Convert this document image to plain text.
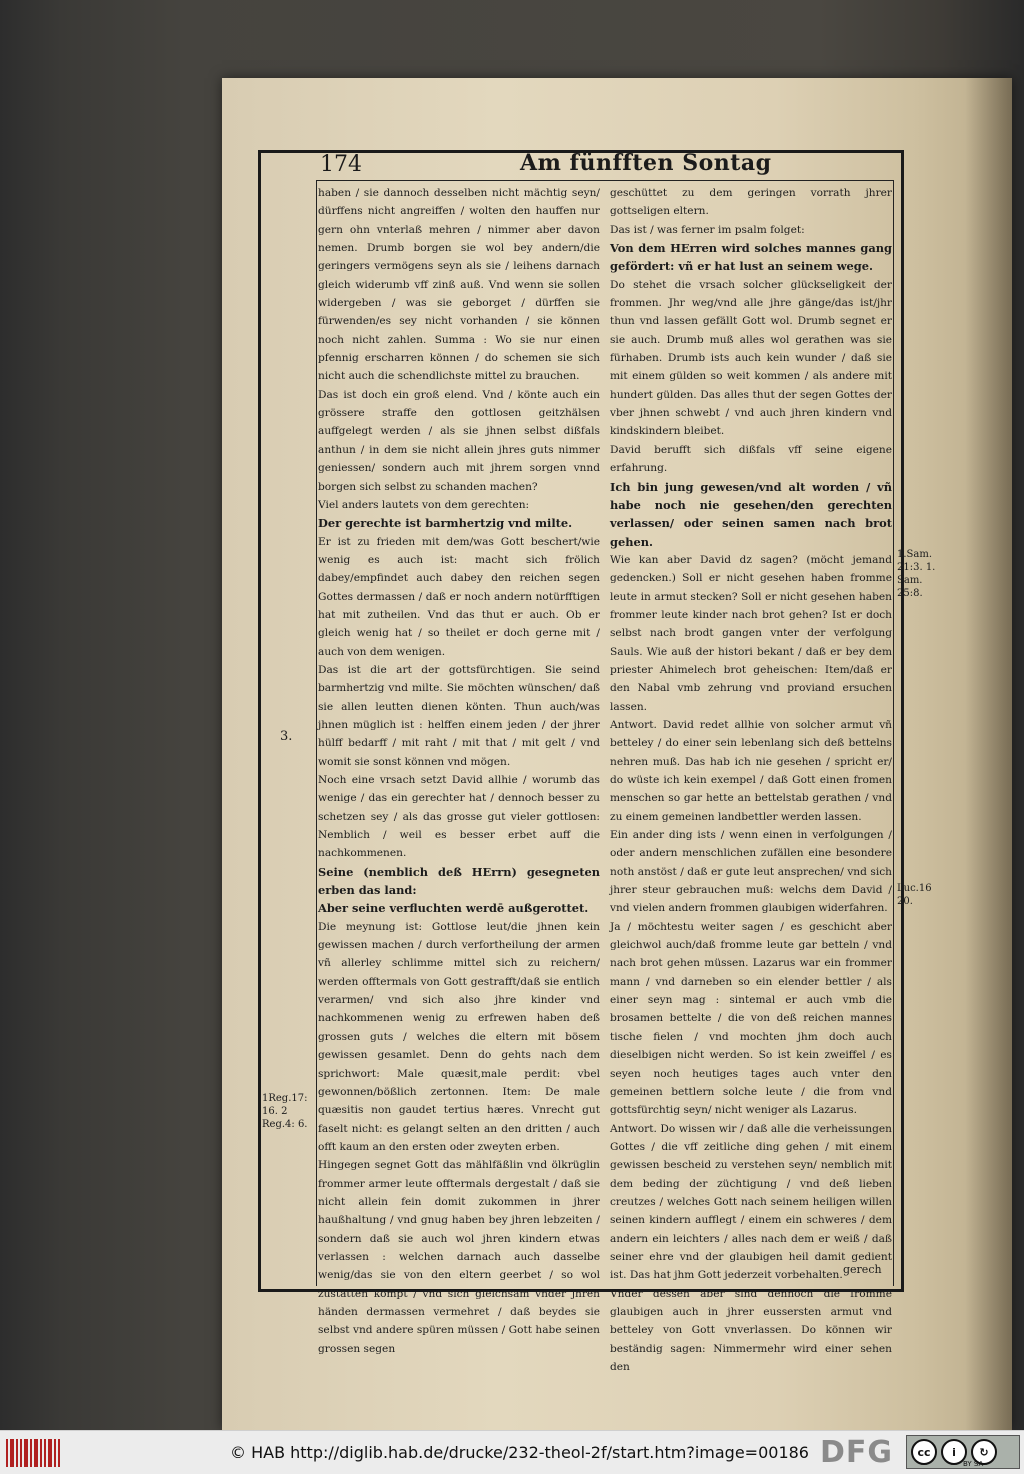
174	Am fünfften Sontag

haben / sie dannoch desselben nicht mächtig seyn/ dürffens nicht angreiffen / wolten den hauffen nur gern ohn vnterlaß mehren / nimmer aber davon nemen. Drumb borgen sie wol bey andern/die geringers vermögens seyn als sie / leihens darnach gleich widerumb vff zinß auß. Vnd wenn sie sollen widergeben / was sie geborget / dürffen sie fürwenden/es sey nicht vorhanden / sie können noch nicht zahlen. Summa : Wo sie nur einen pfennig erscharren können / do schemen sie sich nicht auch die schendlichste mittel zu brauchen.

Das ist doch ein groß elend. Vnd / könte auch ein grössere straffe den gottlosen geitzhälsen auffgelegt werden / als sie jhnen selbst dißfals anthun / in dem sie nicht allein jhres guts nimmer geniessen/ sondern auch mit jhrem sorgen vnnd borgen sich selbst zu schanden machen?

Viel anders lautets von dem gerechten:

Der gerechte ist barmhertzig vnd milte.

Er ist zu frieden mit dem/was Gott beschert/wie wenig es auch ist: macht sich frölich dabey/empfindet auch dabey den reichen segen Gottes dermassen / daß er noch andern notürfftigen hat mit zutheilen. Vnd das thut er auch. Ob er gleich wenig hat / so theilet er doch gerne mit / auch von dem wenigen.

Das ist die art der gottsfürchtigen. Sie seind barmhertzig vnd milte. Sie möchten wünschen/ daß sie allen leutten dienen könten. Thun auch/was jhnen müglich ist : helffen einem jeden / der jhrer hülff bedarff / mit raht / mit that / mit gelt / vnd womit sie sonst können vnd mögen.

Noch eine vrsach setzt David allhie / worumb das wenige / das ein gerechter hat / dennoch besser zu schetzen sey / als das grosse gut vieler gottlosen: Nemblich / weil es besser erbet auff die nachkommenen.

Seine (nemblich deß HErrn) gesegneten erben das land:

Aber seine verfluchten werdē außgerottet.

Die meynung ist: Gottlose leut/die jhnen kein gewissen machen / durch verfortheilung der armen vñ allerley schlimme mittel sich zu reichern/ werden offtermals von Gott gestrafft/daß sie entlich verarmen/ vnd sich also jhre kinder vnd nachkommenen wenig zu erfrewen haben deß grossen guts / welches die eltern mit bösem gewissen gesamlet. Denn do gehts nach dem sprichwort: Male quæsit,male perdit: vbel gewonnen/bößlich zertonnen. Item: De male quæsitis non gaudet tertius hæres. Vnrecht gut faselt nicht: es gelangt selten an den dritten / auch offt kaum an den ersten oder zweyten erben.

Hingegen segnet Gott das mählfäßlin vnd ölkrüglin frommer armer leute offtermals dergestalt / daß sie nicht allein fein domit zukommen in jhrer haußhaltung / vnd gnug haben bey jhren lebzeiten / sondern daß sie auch wol jhren kindern etwas verlassen : welchen darnach auch dasselbe wenig/das sie von den eltern geerbet / so wol zustatten kompt / vnd sich gleichsam vnder jhren händen dermassen vermehret / daß beydes sie selbst vnd andere spüren müssen / Gott habe seinen grossen segen

geschüttet zu dem geringen vorrath jhrer gottseligen eltern.

Das ist / was ferner im psalm folget:

Von dem HErren wird solches mannes gang gefördert: vñ er hat lust an seinem wege.

Do stehet die vrsach solcher glückseligkeit der frommen. Jhr weg/vnd alle jhre gänge/das ist/jhr thun vnd lassen gefällt Gott wol. Drumb segnet er sie auch. Drumb muß alles wol gerathen was sie fürhaben. Drumb ists auch kein wunder / daß sie mit einem gülden so weit kommen / als andere mit hundert gülden. Das alles thut der segen Gottes der vber jhnen schwebt / vnd auch jhren kindern vnd kindskindern bleibet.

David berufft sich dißfals vff seine eigene erfahrung.

Ich bin jung gewesen/vnd alt worden / vñ habe noch nie gesehen/den gerechten verlassen/ oder seinen samen nach brot gehen.

Wie kan aber David dz sagen? (möcht jemand gedencken.) Soll er nicht gesehen haben fromme leute in armut stecken? Soll er nicht gesehen haben frommer leute kinder nach brot gehen? Ist er doch selbst nach brodt gangen vnter der verfolgung Sauls. Wie auß der histori bekant / daß er bey dem priester Ahimelech brot geheischen: Item/daß er den Nabal vmb zehrung vnd proviand ersuchen lassen.

Antwort. David redet allhie von solcher armut vñ betteley / do einer sein lebenlang sich deß bettelns nehren muß. Das hab ich nie gesehen / spricht er/ do wüste ich kein exempel / daß Gott einen fromen menschen so gar hette an bettelstab gerathen / vnd zu einem gemeinen landbettler werden lassen.

Ein ander ding ists / wenn einen in verfolgungen / oder andern menschlichen zufällen eine besondere noth anstöst / daß er gute leut ansprechen/ vnd sich jhrer steur gebrauchen muß: welchs dem David / vnd vielen andern frommen glaubigen widerfahren.

Ja / möchtestu weiter sagen / es geschicht aber gleichwol auch/daß fromme leute gar betteln / vnd nach brot gehen müssen. Lazarus war ein frommer mann / vnd darneben so ein elender bettler / als einer seyn mag : sintemal er auch vmb die brosamen bettelte / die von deß reichen mannes tische fielen / vnd mochten jhm doch auch dieselbigen nicht werden. So ist kein zweiffel / es seyen noch heutiges tages auch vnter den gemeinen bettlern solche leute / die from vnd gottsfürchtig seyn/ nicht weniger als Lazarus.

Antwort. Do wissen wir / daß alle die verheissungen Gottes / die vff zeitliche ding gehen / mit einem gewissen bescheid zu verstehen seyn/ nemblich mit dem beding der züchtigung / vnd deß lieben creutzes / welches Gott nach seinem heiligen willen seinen kindern aufflegt / einem ein schweres / dem andern ein leichters / alles nach dem er weiß / daß seiner ehre vnd der glaubigen heil damit gedient ist. Das hat jhm Gott jederzeit vorbehalten.

Vnder dessen aber sind dennoch die fromme glaubigen auch in jhrer eussersten armut vnd betteley von Gott vnverlassen. Do können wir beständig sagen: Nimmermehr wird einer sehen den

3.
1Reg.17: 16. 2 Reg.4: 6.
1.Sam. 21:3. 1. Sam. 25:8.
Luc.16 20.
gerech
© HAB http://diglib.hab.de/drucke/232-theol-2f/start.htm?image=00186 DFG	cc	i	↻
BY SA
